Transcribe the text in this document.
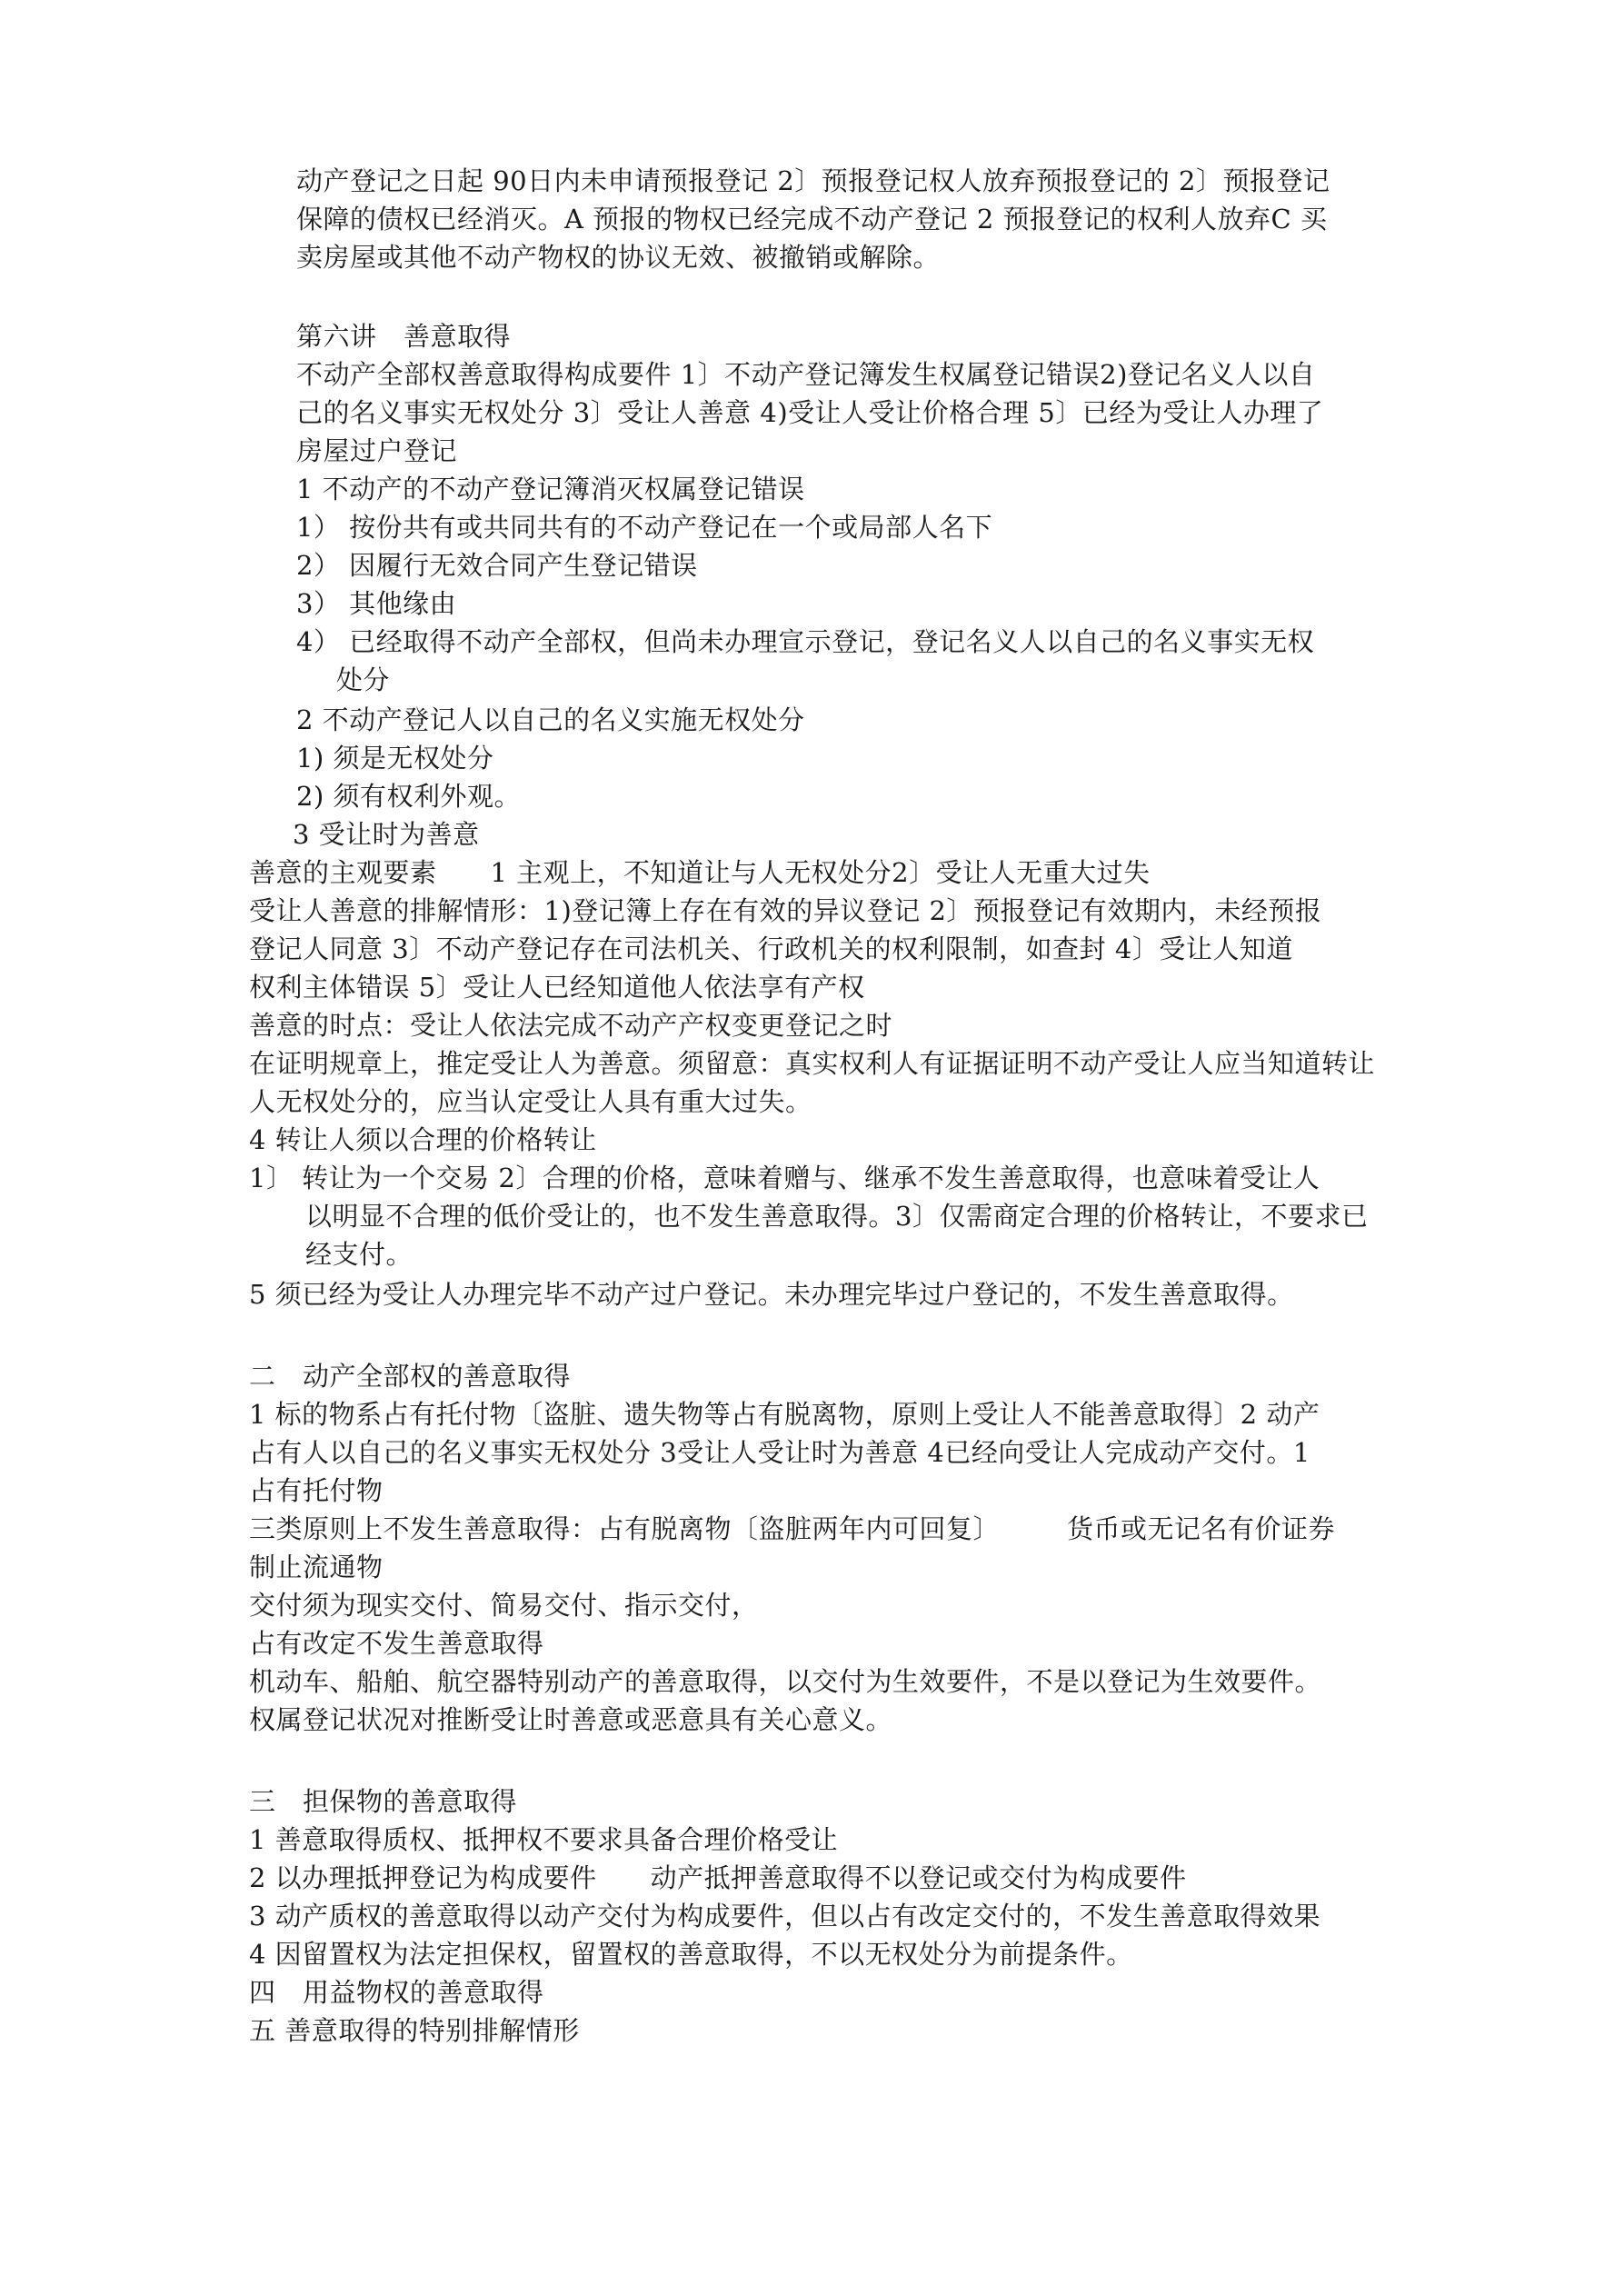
动产登记之日起 90日内未申请预报登记 2〕预报登记权人放弃预报登记的 2〕预报登记
保障的债权已经消灭。A 预报的物权已经完成不动产登记 2 预报登记的权利人放弃C 买
卖房屋或其他不动产物权的协议无效、被撤销或解除。
第六讲　善意取得
不动产全部权善意取得构成要件 1〕不动产登记簿发生权属登记错误2)登记名义人以自
己的名义事实无权处分 3〕受让人善意 4)受让人受让价格合理 5〕已经为受让人办理了
房屋过户登记
1 不动产的不动产登记簿消灭权属登记错误
1） 按份共有或共同共有的不动产登记在一个或局部人名下
2） 因履行无效合同产生登记错误
3） 其他缘由
4） 已经取得不动产全部权，但尚未办理宣示登记，登记名义人以自己的名义事实无权
处分
2 不动产登记人以自己的名义实施无权处分
1) 须是无权处分
2) 须有权利外观。
3 受让时为善意
善意的主观要素　　1 主观上，不知道让与人无权处分2〕受让人无重大过失
受让人善意的排解情形：1)登记簿上存在有效的异议登记 2〕预报登记有效期内，未经预报
登记人同意 3〕不动产登记存在司法机关、行政机关的权利限制，如查封 4〕受让人知道
权利主体错误 5〕受让人已经知道他人依法享有产权
善意的时点：受让人依法完成不动产产权变更登记之时
在证明规章上，推定受让人为善意。须留意：真实权利人有证据证明不动产受让人应当知道转让
人无权处分的，应当认定受让人具有重大过失。
4 转让人须以合理的价格转让
1〕 转让为一个交易 2〕合理的价格，意味着赠与、继承不发生善意取得，也意味着受让人
以明显不合理的低价受让的，也不发生善意取得。3〕仅需商定合理的价格转让，不要求已
经支付。
5 须已经为受让人办理完毕不动产过户登记。未办理完毕过户登记的，不发生善意取得。
二　动产全部权的善意取得
1 标的物系占有托付物〔盗脏、遗失物等占有脱离物，原则上受让人不能善意取得〕2 动产
占有人以自己的名义事实无权处分 3受让人受让时为善意 4已经向受让人完成动产交付。1
占有托付物
三类原则上不发生善意取得：占有脱离物〔盗脏两年内可回复〕　　　货币或无记名有价证券
制止流通物
交付须为现实交付、简易交付、指示交付，
占有改定不发生善意取得
机动车、船舶、航空器特别动产的善意取得，以交付为生效要件，不是以登记为生效要件。
权属登记状况对推断受让时善意或恶意具有关心意义。
三　担保物的善意取得
1 善意取得质权、抵押权不要求具备合理价格受让
2 以办理抵押登记为构成要件　　动产抵押善意取得不以登记或交付为构成要件
3 动产质权的善意取得以动产交付为构成要件，但以占有改定交付的，不发生善意取得效果
4 因留置权为法定担保权，留置权的善意取得，不以无权处分为前提条件。
四　用益物权的善意取得
五 善意取得的特别排解情形
